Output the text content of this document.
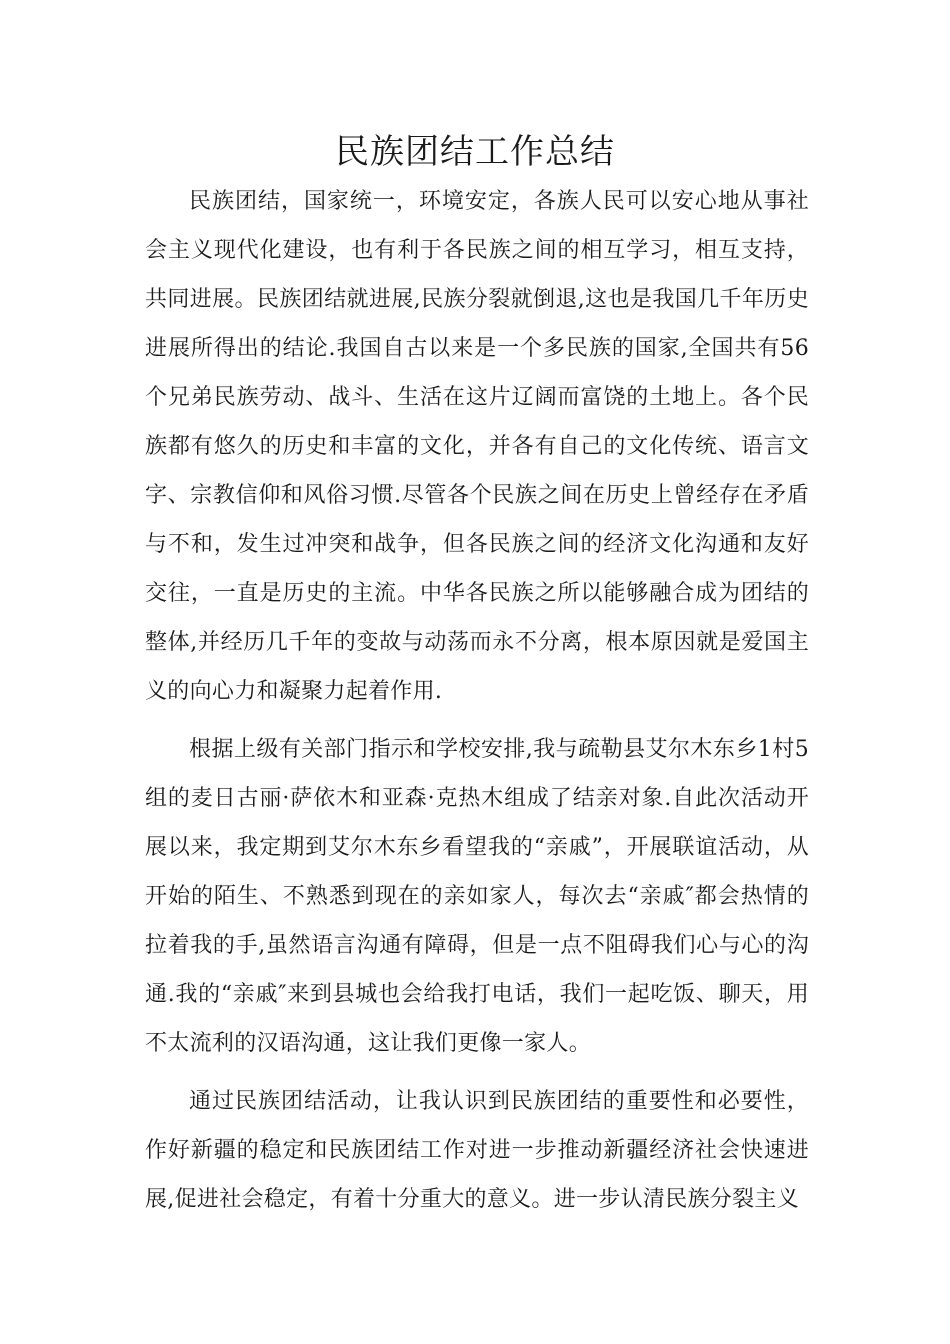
民族团结工作总结

民族团结，国家统一，环境安定，各族人民可以安心地从事社会主义现代化建设，也有利于各民族之间的相互学习，相互支持，共同进展。民族团结就进展,民族分裂就倒退,这也是我国几千年历史进展所得出的结论.我国自古以来是一个多民族的国家,全国共有56个兄弟民族劳动、战斗、生活在这片辽阔而富饶的土地上。各个民族都有悠久的历史和丰富的文化，并各有自己的文化传统、语言文字、宗教信仰和风俗习惯.尽管各个民族之间在历史上曾经存在矛盾与不和，发生过冲突和战争，但各民族之间的经济文化沟通和友好交往，一直是历史的主流。中华各民族之所以能够融合成为团结的整体,并经历几千年的变故与动荡而永不分离，根本原因就是爱国主义的向心力和凝聚力起着作用.

根据上级有关部门指示和学校安排,我与疏勒县艾尔木东乡1村5组的麦日古丽·萨依木和亚森·克热木组成了结亲对象.自此次活动开展以来，我定期到艾尔木东乡看望我的“亲戚”，开展联谊活动，从开始的陌生、不熟悉到现在的亲如家人，每次去“亲戚″都会热情的拉着我的手,虽然语言沟通有障碍，但是一点不阻碍我们心与心的沟通.我的“亲戚″来到县城也会给我打电话，我们一起吃饭、聊天，用不太流利的汉语沟通，这让我们更像一家人。

通过民族团结活动，让我认识到民族团结的重要性和必要性，作好新疆的稳定和民族团结工作对进一步推动新疆经济社会快速进展,促进社会稳定，有着十分重大的意义。进一步认清民族分裂主义
